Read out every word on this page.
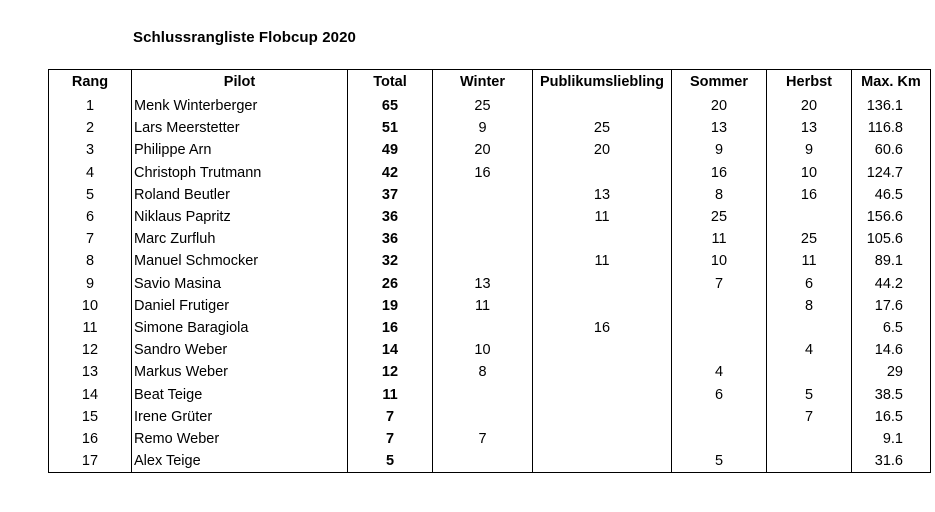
Schlussrangliste Flobcup 2020
Rang	Pilot	Total	Winter	Publikumsliebling	Sommer	Herbst	Max. Km
1	Menk Winterberger	65	25		20	20	136.1
2	Lars Meerstetter	51	9	25	13	13	116.8
3	Philippe Arn	49	20	20	9	9	60.6
4	Christoph Trutmann	42	16		16	10	124.7
5	Roland Beutler	37		13	8	16	46.5
6	Niklaus Papritz	36		11	25		156.6
7	Marc Zurfluh	36			11	25	105.6
8	Manuel Schmocker	32		11	10	11	89.1
9	Savio Masina	26	13		7	6	44.2
10	Daniel Frutiger	19	11			8	17.6
11	Simone Baragiola	16		16			6.5
12	Sandro Weber	14	10			4	14.6
13	Markus Weber	12	8		4		29
14	Beat Teige	11			6	5	38.5
15	Irene Grüter	7				7	16.5
16	Remo Weber	7	7				9.1
17	Alex Teige	5			5		31.6
